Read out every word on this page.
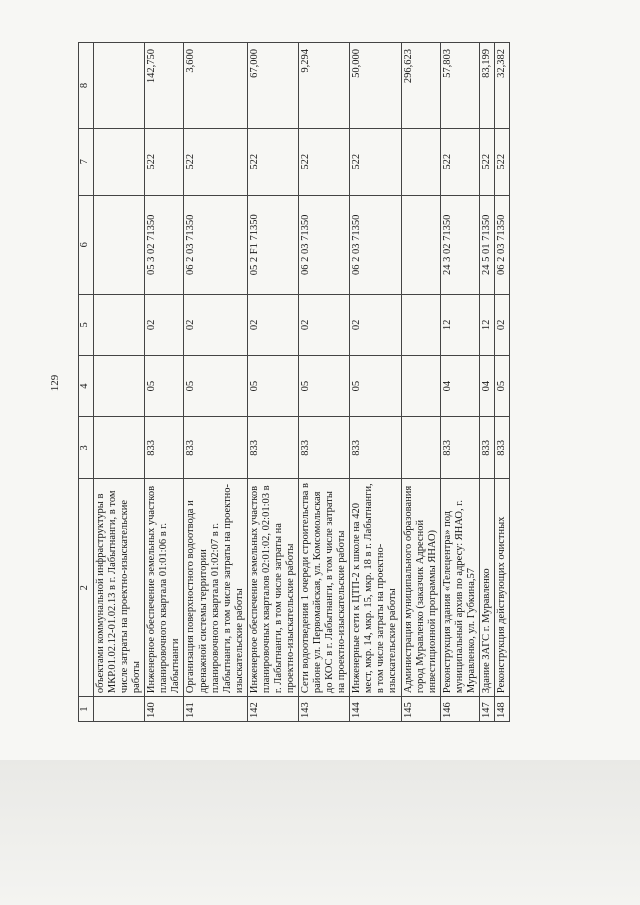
129
1	2	3	4	5	6	7	8
	объектами коммунальной инфраструктуры в МКР.01.02.12-01.02.13 в г. Лабытнанги, в том числе затраты на проектно-изыскательские работы						
140	Инженерное обеспечение земельных участков планировочного квартала 01:01:06 в г. Лабытнанги	833	05	02	05 3 02 71350	522	142,750
141	Организация поверхностного водоотвода и дренажной системы территории планировочного квартала 01:02:07 в г. Лабытнанги, в том числе затраты на проектно-изыскательские работы	833	05	02	06 2 03 71350	522	3,600
142	Инженерное обеспечение земельных участков планировочных кварталов 02:01:02, 02:01:03 в г. Лабытнанги, в том числе затраты на проектно-изыскательские работы	833	05	02	05 2 F1 71350	522	67,000
143	Сети водоотведения 1 очереди строительства в районе ул. Первомайская, ул. Комсомольская до КОС в г. Лабытнанги, в том числе затраты на проектно-изыскательские работы	833	05	02	06 2 03 71350	522	9,294
144	Инженерные сети к ЦТП-2 к школе на 420 мест, мкр. 14, мкр. 15, мкр. 18 в г. Лабытнанги, в том числе затраты на проектно-изыскательские работы	833	05	02	06 2 03 71350	522	50,000
145	Администрация муниципального образования город Муравленко (заказчик Адресной инвестиционной программы ЯНАО)						296,623
146	Реконструкция здания «Телецентра» под муниципальный архив по адресу: ЯНАО, г. Муравленко, ул. Губкина,57	833	04	12	24 3 02 71350	522	57,803
147	Здание ЗАГС г. Муравленко	833	04	12	24 5 01 71350	522	83,199
148	Реконструкция действующих очистных	833	05	02	06 2 03 71350	522	32,382
